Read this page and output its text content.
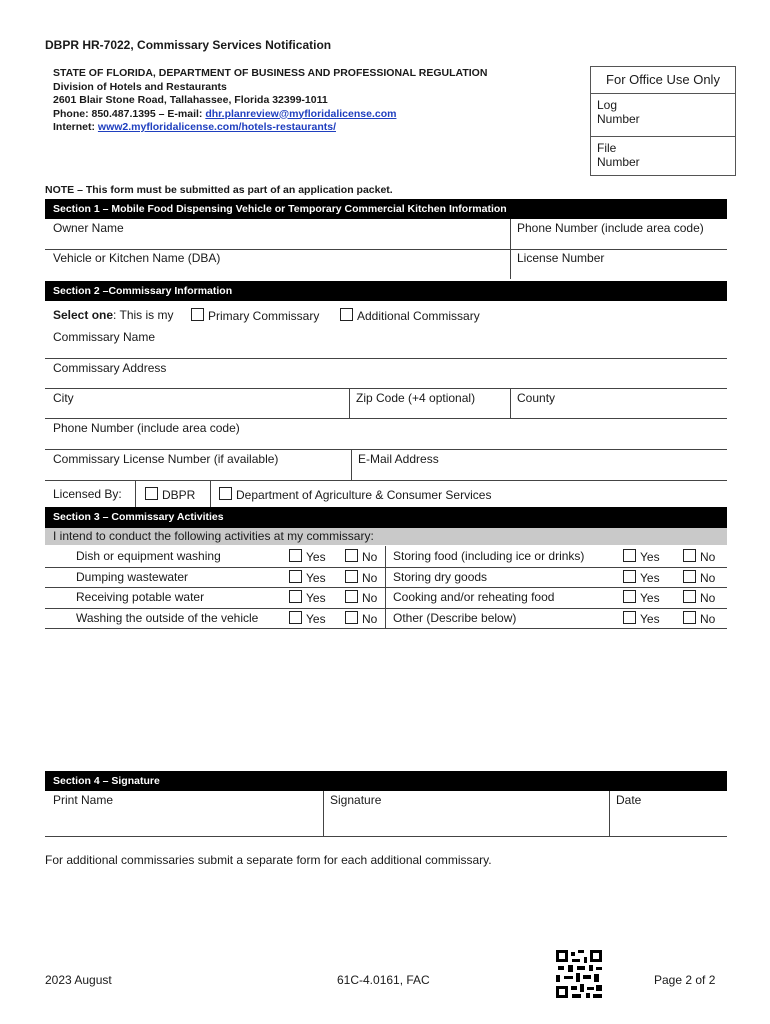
DBPR HR-7022, Commissary Services Notification
STATE OF FLORIDA, DEPARTMENT OF BUSINESS AND PROFESSIONAL REGULATION
Division of Hotels and Restaurants
2601 Blair Stone Road, Tallahassee, Florida 32399-1011
Phone: 850.487.1395 – E-mail: dhr.planreview@myfloridalicense.com
Internet: www2.myfloridalicense.com/hotels-restaurants/
For Office Use Only
Log
Number
File
Number
NOTE – This form must be submitted as part of an application packet.
Section 1 – Mobile Food Dispensing Vehicle or Temporary Commercial Kitchen Information
Owner Name	Phone Number (include area code)
Vehicle or Kitchen Name (DBA)	License Number
Section 2 –Commissary Information
Select one: This is my	Primary Commissary	Additional Commissary
Commissary Name
Commissary Address
City	Zip Code (+4 optional)	County
Phone Number (include area code)
Commissary License Number (if available)	E-Mail Address
Licensed By:	DBPR	Department of Agriculture & Consumer Services
Section 3 – Commissary Activities
I intend to conduct the following activities at my commissary:
Dish or equipment washing	Yes	No Storing food (including ice or drinks)	Yes	No
Dumping wastewater	Yes	No Storing dry goods	Yes	No
Receiving potable water	Yes	No Cooking and/or reheating food	Yes	No
Washing the outside of the vehicle	Yes	No Other (Describe below)	Yes	No
Section 4 – Signature
Print Name	Signature	Date
For additional commissaries submit a separate form for each additional commissary.
2023 August	61C-4.0161, FAC	Page 2 of 2
